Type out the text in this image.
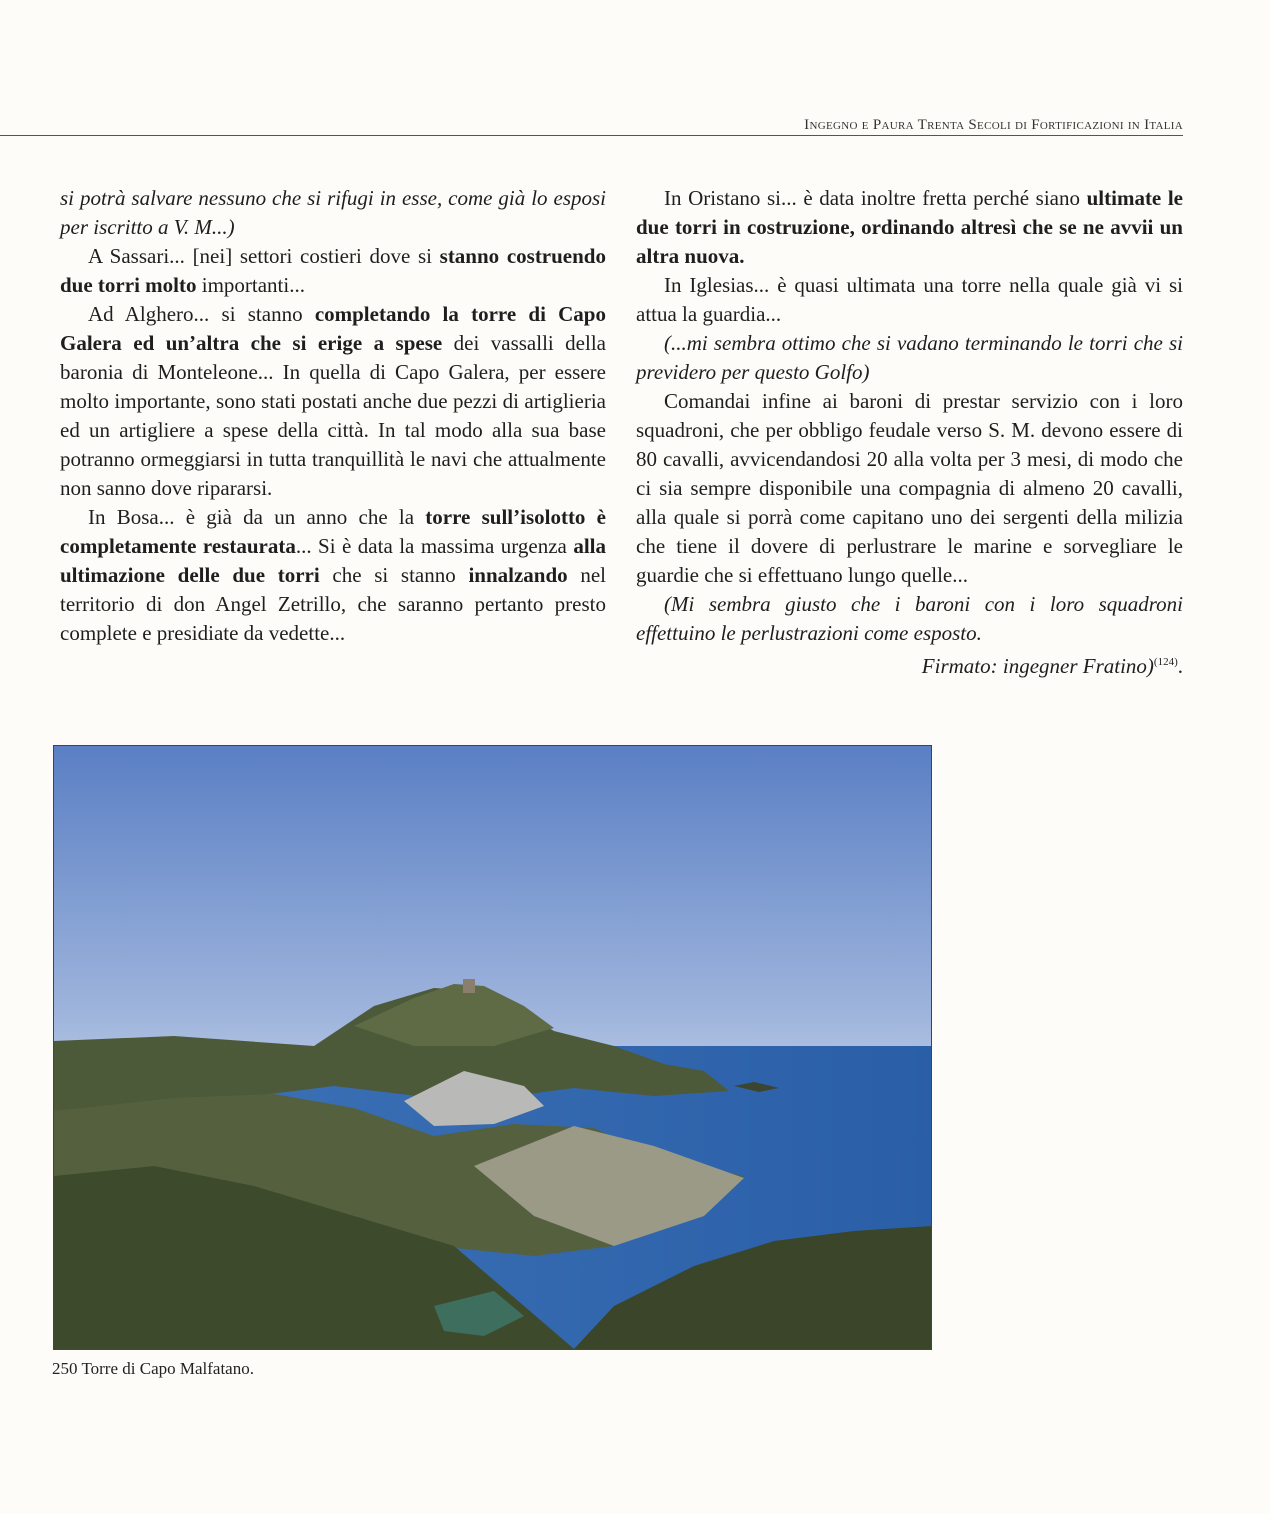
Ingegno e Paura Trenta Secoli di Fortificazioni in Italia

si potrà salvare nessuno che si rifugi in esse, come già lo esposi per iscritto a V. M...)

A Sassari... [nei] settori costieri dove si stanno costruendo due torri molto importanti...

Ad Alghero... si stanno completando la torre di Capo Galera ed un’altra che si erige a spese dei vassalli della baronia di Monteleone... In quella di Capo Galera, per essere molto importante, sono stati postati anche due pezzi di artiglieria ed un artigliere a spese della città. In tal modo alla sua base potranno ormeggiarsi in tutta tranquillità le navi che attualmente non sanno dove ripararsi.

In Bosa... è già da un anno che la torre sull’isolotto è completamente restaurata... Si è data la massima urgenza alla ultimazione delle due torri che si stanno innalzando nel territorio di don Angel Zetrillo, che saranno pertanto presto complete e presidiate da vedette...

In Oristano si... è data inoltre fretta perché siano ultimate le due torri in costruzione, ordinando altresì che se ne avvii un altra nuova.

In Iglesias... è quasi ultimata una torre nella quale già vi si attua la guardia...

(...mi sembra ottimo che si vadano terminando le torri che si previdero per questo Golfo)

Comandai infine ai baroni di prestar servizio con i loro squadroni, che per obbligo feudale verso S. M. devono essere di 80 cavalli, avvicendandosi 20 alla volta per 3 mesi, di modo che ci sia sempre disponibile una compagnia di almeno 20 cavalli, alla quale si porrà come capitano uno dei sergenti della milizia che tiene il dovere di perlustrare le marine e sorvegliare le guardie che si effettuano lungo quelle...

(Mi sembra giusto che i baroni con i loro squadroni effettuino le perlustrazioni come esposto.

Firmato: ingegner Fratino)$^{(124)}$.

250 Torre di Capo Malfatano.
